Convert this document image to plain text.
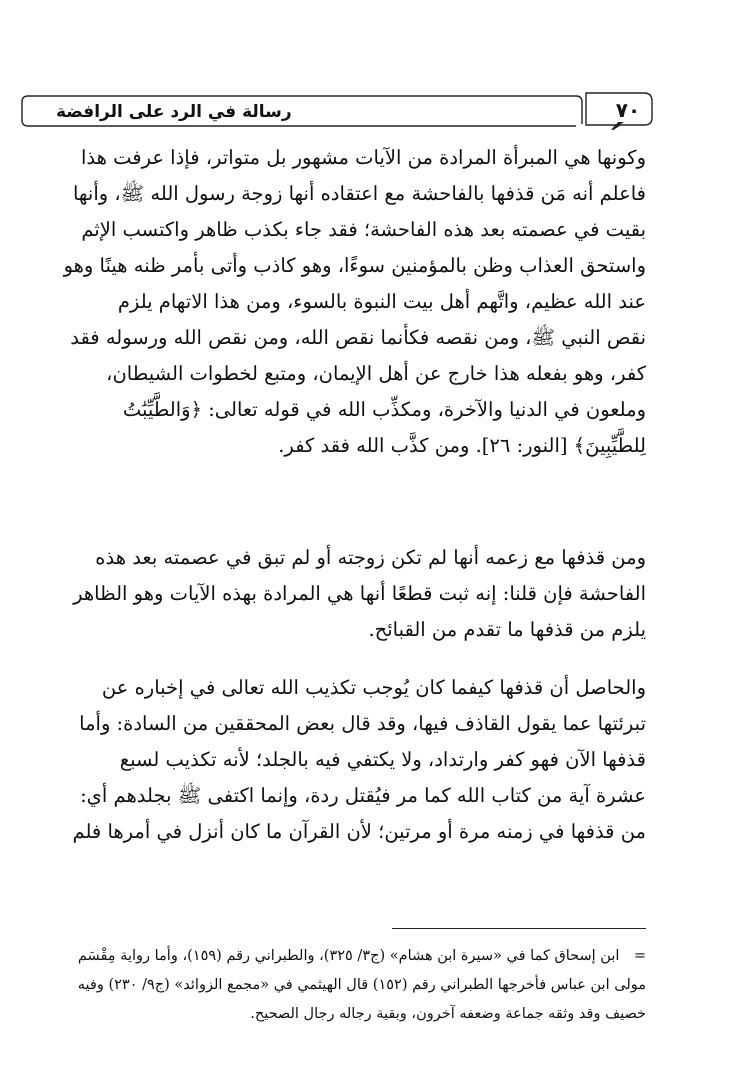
رسالة في الرد على الرافضة	٧٠
وكونها هي المبرأة المرادة من الآيات مشهور بل متواتر، فإذا عرفت هذا
فاعلم أنه مَن قذفها بالفاحشة مع اعتقاده أنها زوجة رسول الله ﷺ، وأنها
بقيت في عصمته بعد هذه الفاحشة؛ فقد جاء بكذب ظاهر واكتسب الإثم
واستحق العذاب وظن بالمؤمنين سوءًا، وهو كاذب وأتى بأمر ظنه هينًا وهو
عند الله عظيم، واتَّهم أهل بيت النبوة بالسوء، ومن هذا الاتهام يلزم
نقص النبي ﷺ، ومن نقصه فكأنما نقص الله، ومن نقص الله ورسوله فقد
كفر، وهو بفعله هذا خارج عن أهل الإيمان، ومتبع لخطوات الشيطان،
وملعون في الدنيا والآخرة، ومكذِّب الله في قوله تعالى: ﴿وَالطَّيِّبَٰتُ
لِلطَّيِّبِينَ﴾ [النور: ٢٦]. ومن كذَّب الله فقد كفر.
ومن قذفها مع زعمه أنها لم تكن زوجته أو لم تبق في عصمته بعد هذه
الفاحشة فإن قلنا: إنه ثبت قطعًا أنها هي المرادة بهذه الآيات وهو الظاهر
يلزم من قذفها ما تقدم من القبائح.
والحاصل أن قذفها كيفما كان يُوجب تكذيب الله تعالى في إخباره عن
تبرئتها عما يقول القاذف فيها، وقد قال بعض المحققين من السادة: وأما
قذفها الآن فهو كفر وارتداد، ولا يكتفي فيه بالجلد؛ لأنه تكذيب لسبع
عشرة آية من كتاب الله كما مر فيُقتل ردة، وإنما اكتفى ﷺ بجلدهم أي:
من قذفها في زمنه مرة أو مرتين؛ لأن القرآن ما كان أنزل في أمرها فلم
= ابن إسحاق كما في «سيرة ابن هشام» (ج٣/ ٣٢٥)، والطبراني رقم (١٥٩)، وأما رواية مِقْسَم
مولى ابن عباس فأخرجها الطبراني رقم (١٥٢) قال الهيثمي في «مجمع الزوائد» (ج٩/ ٢٣٠) وفيه
خصيف وقد وثقه جماعة وضعفه آخرون، وبقية رجاله رجال الصحيح.
